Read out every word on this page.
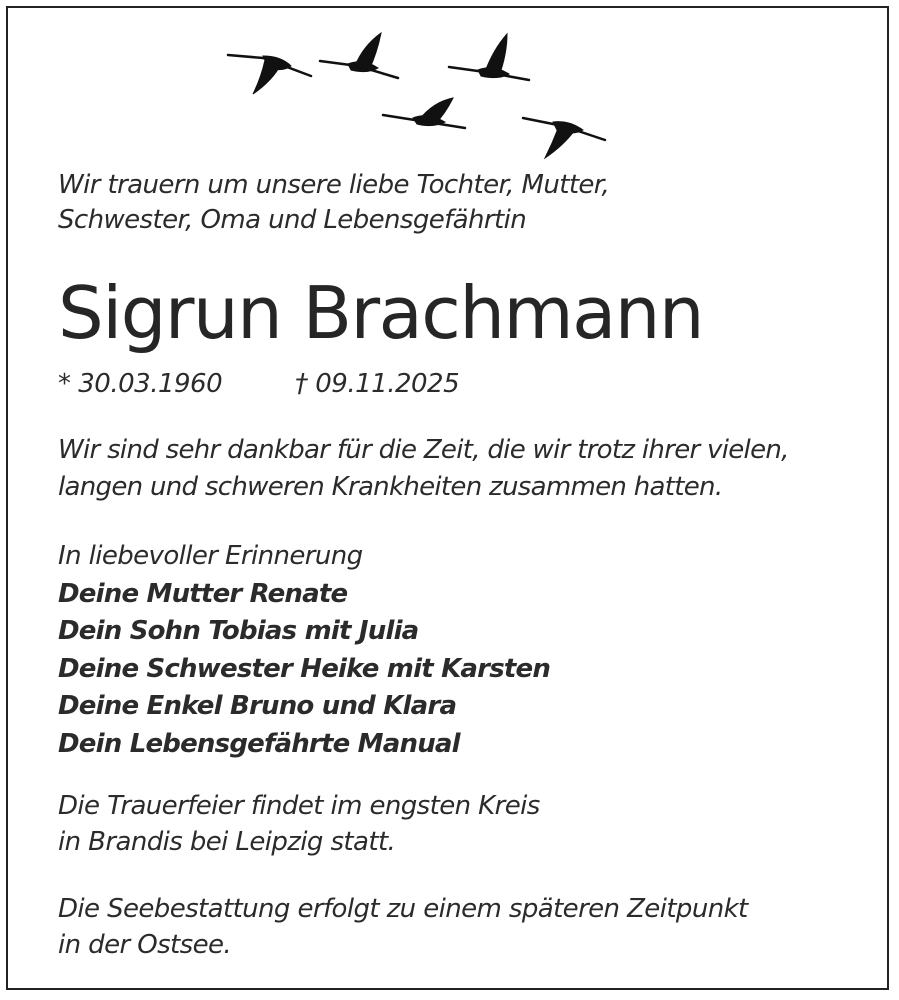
Wir trauern um unsere liebe Tochter, Mutter,
Schwester, Oma und Lebensgefährtin
Sigrun Brachmann
* 30.03.1960	† 09.11.2025
Wir sind sehr dankbar für die Zeit, die wir trotz ihrer vielen,
langen und schweren Krankheiten zusammen hatten.
In liebevoller Erinnerung
Deine Mutter Renate
Dein Sohn Tobias mit Julia
Deine Schwester Heike mit Karsten
Deine Enkel Bruno und Klara
Dein Lebensgefährte Manual
Die Trauerfeier findet im engsten Kreis
in Brandis bei Leipzig statt.
Die Seebestattung erfolgt zu einem späteren Zeitpunkt
in der Ostsee.
